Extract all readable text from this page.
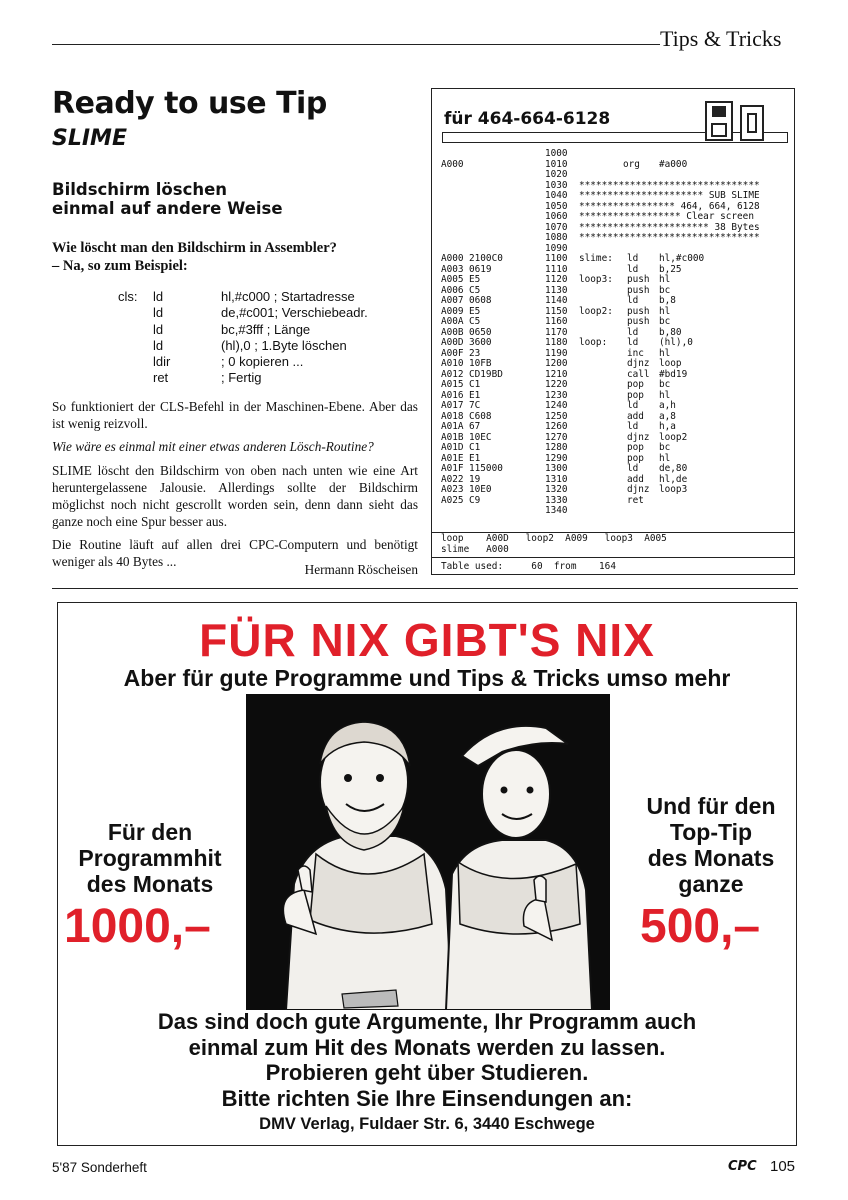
Tips & Tricks
Ready to use Tip
SLIME
Bildschirm löschen
einmal auf andere Weise
Wie löscht man den Bildschirm in Assembler?
– Na, so zum Beispiel:
cls:	ld	hl,#c000 ; Startadresse
ld	de,#c001; Verschiebeadr.
ld	bc,#3fff ; Länge
ld	(hl),0 ; 1.Byte löschen
ldir	; 0 kopieren ...
ret	; Fertig

So funktioniert der CLS-Befehl in der Maschinen-Ebene. Aber das ist wenig reizvoll.

Wie wäre es einmal mit einer etwas anderen Lösch-Routine?

SLIME löscht den Bildschirm von oben nach unten wie eine Art heruntergelassene Jalousie. Allerdings sollte der Bildschirm möglichst noch nicht gescrollt worden sein, denn dann sieht das ganze noch eine Spur besser aus.

Die Routine läuft auf allen drei CPC-Computern und benötigt weniger als 40 Bytes ...

Hermann Röscheisen
für 464-664-6128
1000
A000	1010	org #a000
1020
1030 ********************************
1040 ********************** SUB SLIME
1050 ***************** 464, 664, 6128
1060 ****************** Clear screen
1070 *********************** 38 Bytes
1080 ********************************
1090
A000 2100C0	1100 slime: ld hl,#c000
A003 0619	1110	ld b,25
A005 E5	1120 loop3: push hl
A006 C5	1130	push bc
A007 0608	1140	ld b,8
A009 E5	1150 loop2: push hl
A00A C5	1160	push bc
A00B 0650	1170	ld b,80
A00D 3600	1180 loop: ld (hl),0
A00F 23	1190	inc hl
A010 10FB	1200	djnz loop
A012 CD19BD	1210	call #bd19
A015 C1	1220	pop bc
A016 E1	1230	pop hl
A017 7C	1240	ld a,h
A018 C608	1250	add a,8
A01A 67	1260	ld h,a
A01B 10EC	1270	djnz loop2
A01D C1	1280	pop bc
A01E E1	1290	pop hl
A01F 115000	1300	ld de,80
A022 19	1310	add hl,de
A023 10E0	1320	djnz loop3
A025 C9	1330	ret
1340
loop    A00D   loop2  A009   loop3  A005
slime   A000
Table used:     60  from    164
FÜR NIX GIBT'S NIX
Aber für gute Programme und Tips & Tricks umso mehr
Für den
Programmhit
des Monats
1000,–
Und für den
Top-Tip
des Monats
ganze
500,–
Das sind doch gute Argumente, Ihr Programm auch
einmal zum Hit des Monats werden zu lassen.
Probieren geht über Studieren.
Bitte richten Sie Ihre Einsendungen an:
DMV Verlag, Fuldaer Str. 6, 3440 Eschwege
5'87 Sonderheft	CPC 105
